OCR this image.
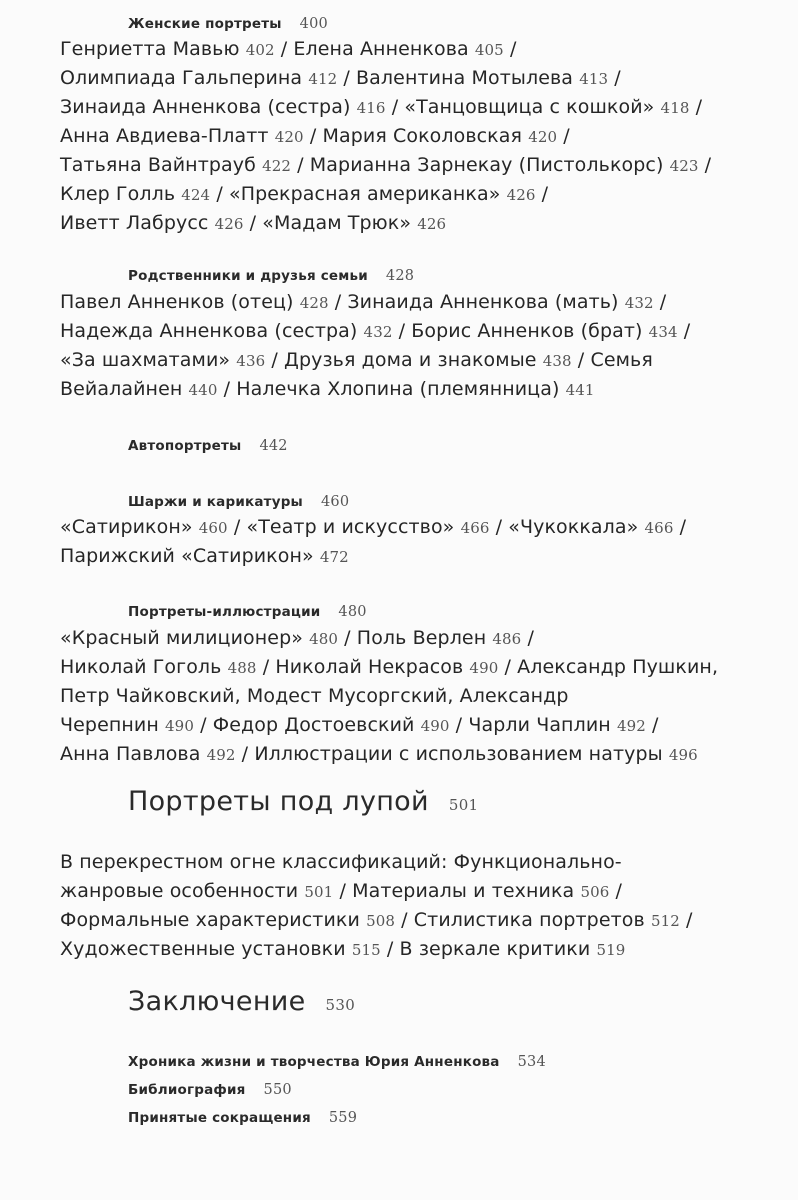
Женские портреты 400
Генриетта Мавью 402 / Елена Анненкова 405 /
Олимпиада Гальперина 412 / Валентина Мотылева 413 /
Зинаида Анненкова (сестра) 416 / «Танцовщица с кошкой» 418 /
Анна Авдиева-Платт 420 / Мария Соколовская 420 /
Татьяна Вайнтрауб 422 / Марианна Зарнекау (Пистолькорс) 423 /
Клер Голль 424 / «Прекрасная американка» 426 /
Иветт Лабрусс 426 / «Мадам Трюк» 426
Родственники и друзья семьи 428
Павел Анненков (отец) 428 / Зинаида Анненкова (мать) 432 /
Надежда Анненкова (сестра) 432 / Борис Анненков (брат) 434 /
«За шахматами» 436 / Друзья дома и знакомые 438 / Семья
Вейалайнен 440 / Налечка Хлопина (племянница) 441
Автопортреты 442
Шаржи и карикатуры 460
«Сатирикон» 460 / «Театр и искусство» 466 / «Чукоккала» 466 /
Парижский «Сатирикон» 472
Портреты-иллюстрации 480
«Красный милиционер» 480 / Поль Верлен 486 /
Николай Гоголь 488 / Николай Некрасов 490 / Александр Пушкин,
Петр Чайковский, Модест Мусоргский, Александр
Черепнин 490 / Федор Достоевский 490 / Чарли Чаплин 492 /
Анна Павлова 492 / Иллюстрации с использованием натуры 496
Портреты под лупой 501
В перекрестном огне классификаций: Функционально-
жанровые особенности 501 / Материалы и техника 506 /
Формальные характеристики 508 / Стилистика портретов 512 /
Художественные установки 515 / В зеркале критики 519
Заключение 530
Хроника жизни и творчества Юрия Анненкова 534
Библиография 550
Принятые сокращения 559
